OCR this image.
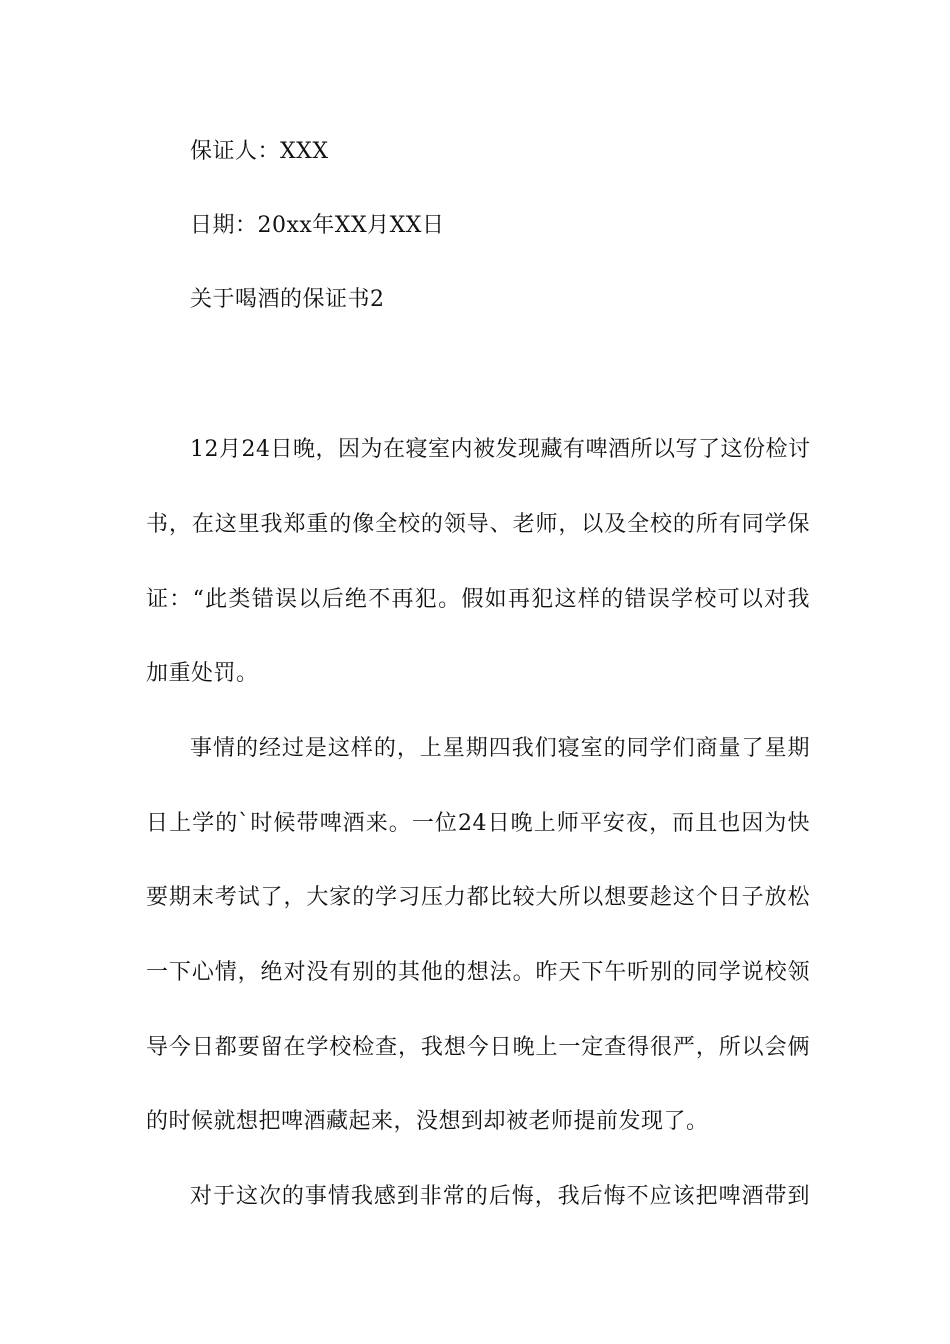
保证人：XXX
日期：20xx年XX月XX日
关于喝酒的保证书2
12月24日晚，因为在寝室内被发现藏有啤酒所以写了这份检讨
书，在这里我郑重的像全校的领导、老师，以及全校的所有同学保
证：“此类错误以后绝不再犯。假如再犯这样的错误学校可以对我
加重处罚。
事情的经过是这样的，上星期四我们寝室的同学们商量了星期
日上学的`时候带啤酒来。一位24日晚上师平安夜，而且也因为快
要期末考试了，大家的学习压力都比较大所以想要趁这个日子放松
一下心情，绝对没有别的其他的想法。昨天下午听别的同学说校领
导今日都要留在学校检查，我想今日晚上一定查得很严，所以会俩
的时候就想把啤酒藏起来，没想到却被老师提前发现了。
对于这次的事情我感到非常的后悔，我后悔不应该把啤酒带到
